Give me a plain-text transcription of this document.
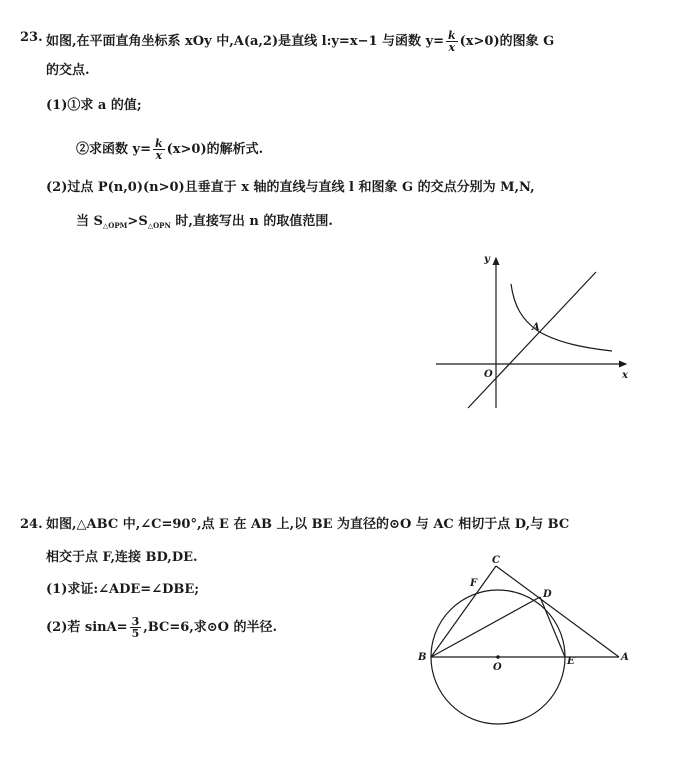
23. 如图,在平面直角坐标系 xOy 中,A(a,2)是直线 l:y=x−1 与函数 $y= \frac{k}{x} (x>0)$的图象 G
的交点.
(1)①求 a 的值;
②求函数 $y= \frac{k}{x} (x>0)$的解析式.
(2)过点 P(n,0)(n>0)且垂直于 x 轴的直线与直线 l 和图象 G 的交点分别为 M,N,
当 $S_{\triangle OPM}>S_{\triangle OPN}$ 时,直接写出 n 的取值范围.
y
x
O
A
24. 如图,△ABC 中,∠C=90°,点 E 在 AB 上,以 BE 为直径的⊙O 与 AC 相切于点 D,与 BC
相交于点 F,连接 BD,DE.
(1)求证:∠ADE=∠DBE;
(2)若 $\sin A= \frac{3}{5} ,BC=6$,求⊙O 的半径.
C
F
D
B
O
E	A
